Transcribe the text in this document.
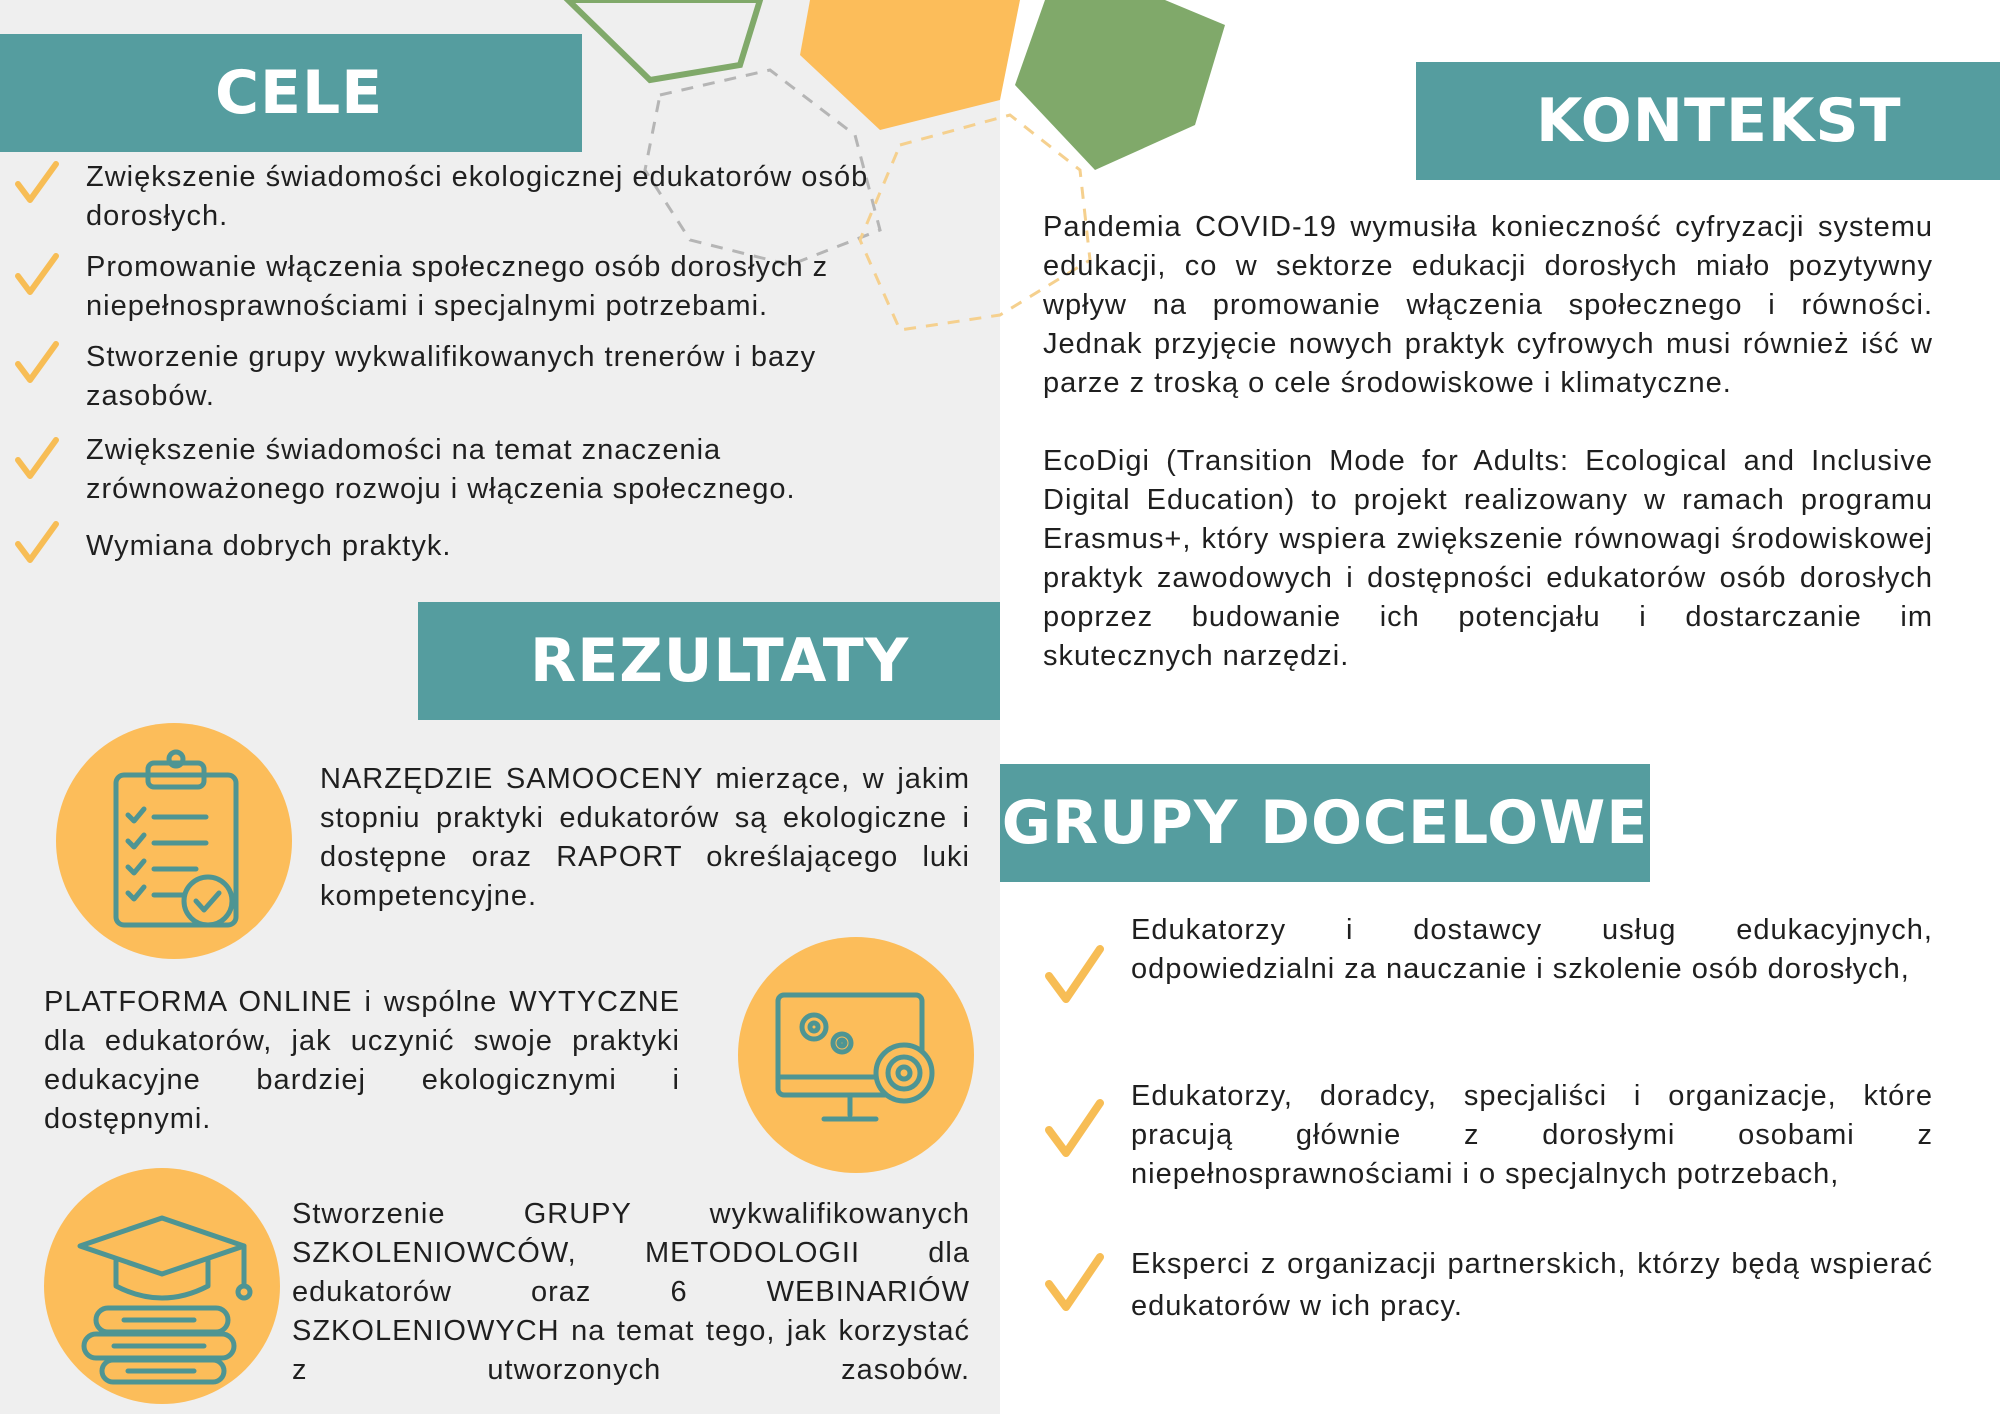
CELE
Zwiększenie świadomości ekologicznej edukatorów osób dorosłych.
Promowanie włączenia społecznego osób dorosłych z niepełnosprawnościami i specjalnymi potrzebami.
Stworzenie grupy wykwalifikowanych trenerów i bazy zasobów.
Zwiększenie świadomości na temat znaczenia zrównoważonego rozwoju i włączenia społecznego.
Wymiana dobrych praktyk.
REZULTATY
NARZĘDZIE SAMOOCENY mierzące, w jakim stopniu praktyki edukatorów są ekologiczne i dostępne oraz RAPORT określającego luki kompetencyjne.
PLATFORMA ONLINE i wspólne WYTYCZNE dla edukatorów, jak uczynić swoje praktyki edukacyjne bardziej ekologicznymi i dostępnymi.
Stworzenie GRUPY wykwalifikowanych SZKOLENIOWCÓW, METODOLOGII dla edukatorów oraz 6 WEBINARIÓW SZKOLENIOWYCH na temat tego, jak korzystać z utworzonych zasobów.
KONTEKST
Pandemia COVID-19 wymusiła konieczność cyfryzacji systemu edukacji, co w sektorze edukacji dorosłych miało pozytywny wpływ na promowanie włączenia społecznego i równości. Jednak przyjęcie nowych praktyk cyfrowych musi również iść w parze z troską o cele środowiskowe i klimatyczne.
EcoDigi (Transition Mode for Adults: Ecological and Inclusive Digital Education) to projekt realizowany w ramach programu Erasmus+, który wspiera zwiększenie równowagi środowiskowej praktyk zawodowych i dostępności edukatorów osób dorosłych poprzez budowanie ich potencjału i dostarczanie im skutecznych narzędzi.
GRUPY DOCELOWE
Edukatorzy i dostawcy usług edukacyjnych, odpowiedzialni za nauczanie i szkolenie osób dorosłych,
Edukatorzy, doradcy, specjaliści i organizacje, które pracują głównie z dorosłymi osobami z niepełnosprawnościami i o specjalnych potrzebach,
Eksperci z organizacji partnerskich, którzy będą wspierać edukatorów w ich pracy.
